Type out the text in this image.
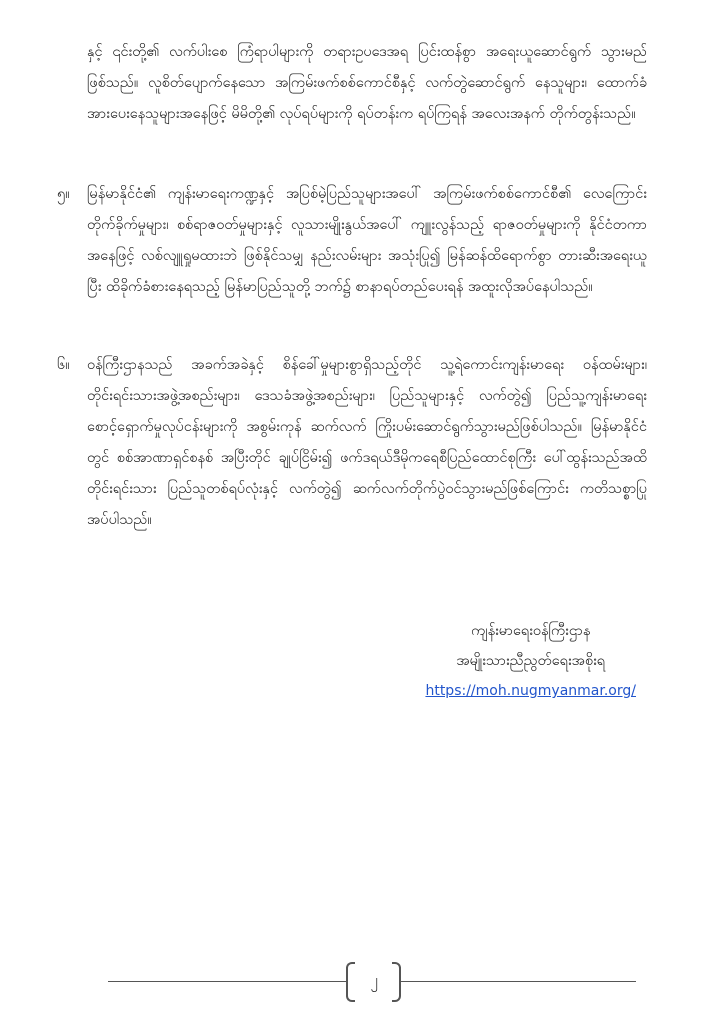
နှင့် ၎င်းတို့၏ လက်ပါးစေ ကြံရာပါများကို တရားဥပဒေအရ ပြင်းထန်စွာ အရေးယူဆောင်ရွက် သွားမည်ဖြစ်သည်။ လူစိတ်ပျောက်နေသော အကြမ်းဖက်စစ်ကောင်စီနှင့် လက်တွဲဆောင်ရွက် နေသူများ၊ ထောက်ခံအားပေးနေသူများအနေဖြင့် မိမိတို့၏ လုပ်ရပ်များကို ရပ်တန်းက ရပ်ကြရန် အလေးအနက် တိုက်တွန်းသည်။
၅။	မြန်မာနိုင်ငံ၏ ကျန်းမာရေးကဏ္ဍနှင့် အပြစ်မဲ့ပြည်သူများအပေါ် အကြမ်းဖက်စစ်ကောင်စီ၏ လေကြောင်းတိုက်ခိုက်မှုများ၊ စစ်ရာဇဝတ်မှုများနှင့် လူသားမျိုးနွယ်အပေါ် ကျူးလွန်သည့် ရာဇဝတ်မှုများကို နိုင်ငံတကာအနေဖြင့် လစ်လျူရှုမထားဘဲ ဖြစ်နိုင်သမျှ နည်းလမ်းများ အသုံးပြု၍ မြန်ဆန်ထိရောက်စွာ တားဆီးအရေးယူပြီး ထိခိုက်ခံစားနေရသည့် မြန်မာပြည်သူတို့ ဘက်၌ စာနာရပ်တည်ပေးရန် အထူးလိုအပ်နေပါသည်။
၆။	ဝန်ကြီးဌာနသည် အခက်အခဲနှင့် စိန်ခေါ်မှုများစွာရှိသည့်တိုင် သူ့ရဲကောင်းကျန်းမာရေး ဝန်ထမ်းများ၊ တိုင်းရင်းသားအဖွဲ့အစည်းများ၊ ဒေသခံအဖွဲ့အစည်းများ၊ ပြည်သူများနှင့် လက်တွဲ၍ ပြည်သူ့ကျန်းမာရေးစောင့်ရှောက်မှုလုပ်ငန်းများကို အစွမ်းကုန် ဆက်လက် ကြိုးပမ်းဆောင်ရွက်သွားမည်ဖြစ်ပါသည်။ မြန်မာနိုင်ငံတွင် စစ်အာဏာရှင်စနစ် အပြီးတိုင် ချုပ်ငြိမ်း၍ ဖက်ဒရယ်ဒီမိုကရေစီပြည်ထောင်စုကြီး ပေါ်ထွန်းသည်အထိ တိုင်းရင်းသား ပြည်သူတစ်ရပ်လုံးနှင့် လက်တွဲ၍ ဆက်လက်တိုက်ပွဲဝင်သွားမည်ဖြစ်ကြောင်း ကတိသစ္စာပြု အပ်ပါသည်။
ကျန်းမာရေးဝန်ကြီးဌာန
အမျိုးသားညီညွတ်ရေးအစိုးရ
https://moh.nugmyanmar.org/
၂
